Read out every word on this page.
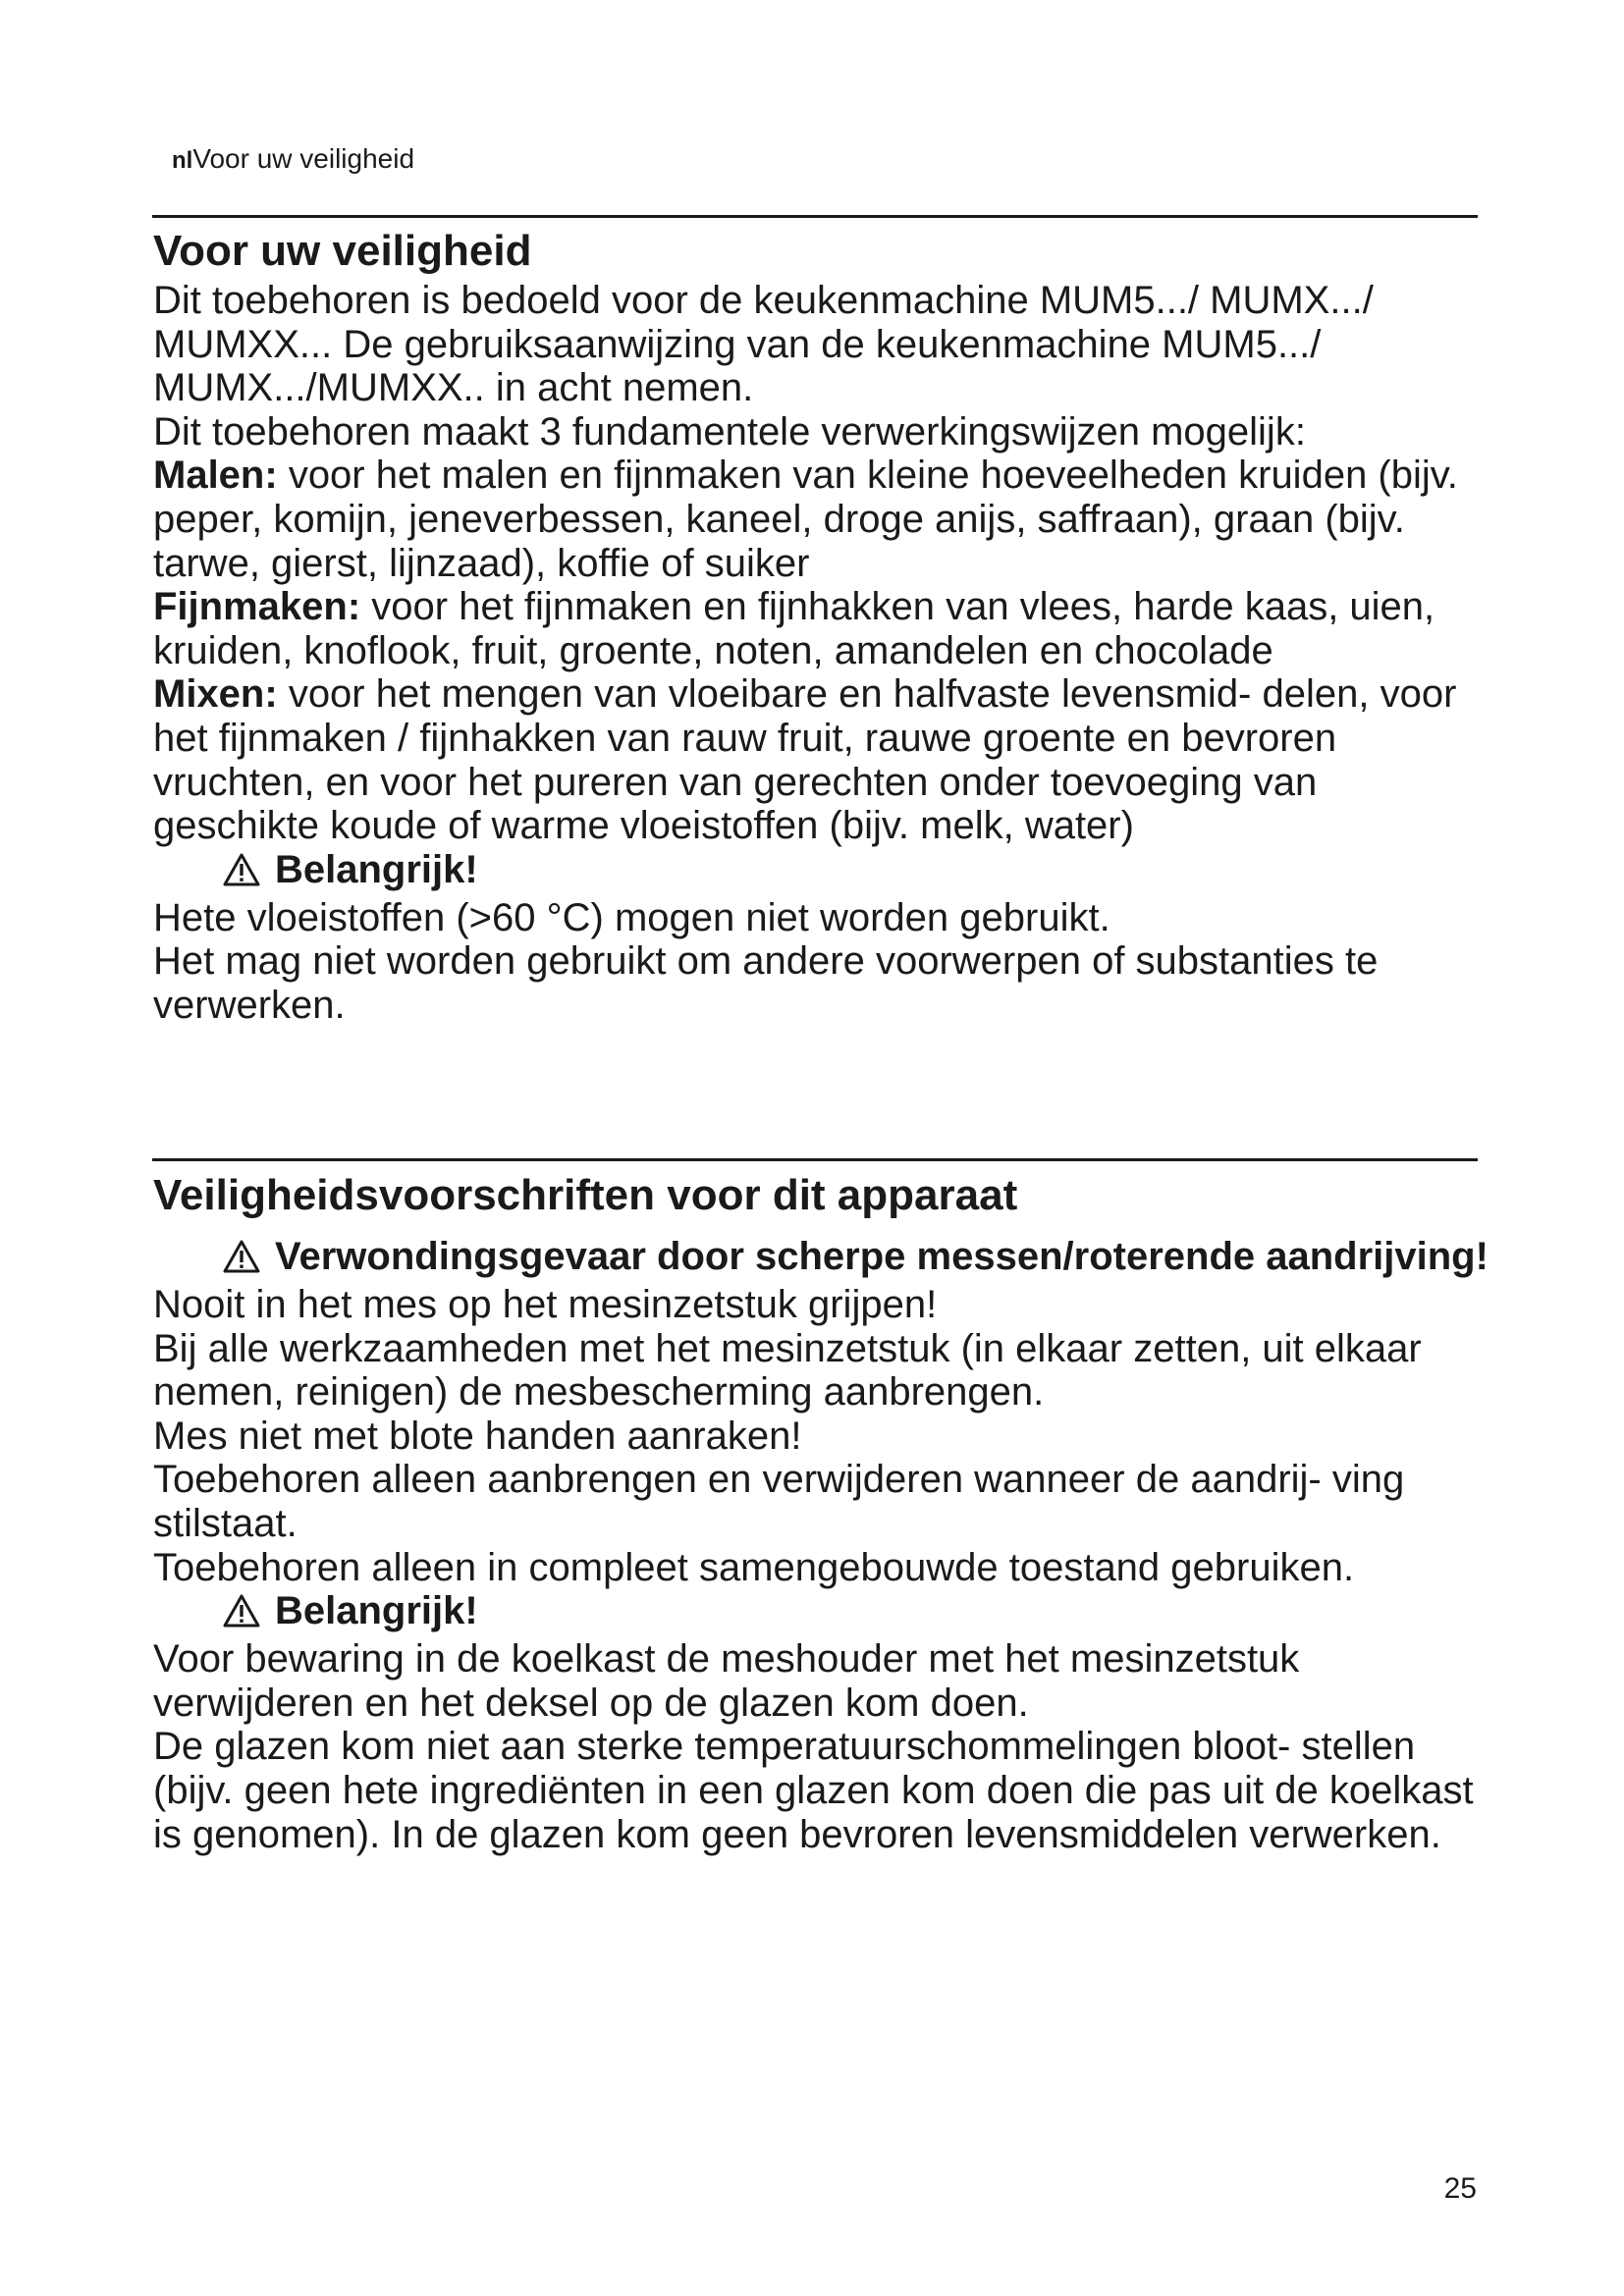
nlVoor uw veiligheid
Voor uw veiligheid

Dit toebehoren is bedoeld voor de keukenmachine MUM5.../ MUMX.../ MUMXX... De gebruiksaanwijzing van de keukenmachine MUM5.../ MUMX.../MUMXX.. in acht nemen.

Dit toebehoren maakt 3 fundamentele verwerkingswijzen mogelijk:

Malen: voor het malen en fijnmaken van kleine hoeveelheden kruiden (bijv. peper, komijn, jeneverbessen, kaneel, droge anijs, saffraan), graan (bijv. tarwe, gierst, lijnzaad), koffie of suiker

Fijnmaken: voor het fijnmaken en fijnhakken van vlees, harde kaas, uien, kruiden, knoflook, fruit, groente, noten, amandelen en chocolade

Mixen: voor het mengen van vloeibare en halfvaste levensmid- delen, voor het fijnmaken / fijnhakken van rauw fruit, rauwe groente en bevroren vruchten, en voor het pureren van gerechten onder toevoeging van geschikte koude of warme vloeistoffen (bijv. melk, water)

Belangrijk!

Hete vloeistoffen (>60 °C) mogen niet worden gebruikt.

Het mag niet worden gebruikt om andere voorwerpen of substanties te verwerken.

Veiligheidsvoorschriften voor dit apparaat
Verwondingsgevaar door scherpe messen/roterende aandrijving!

Nooit in het mes op het mesinzetstuk grijpen!

Bij alle werkzaamheden met het mesinzetstuk (in elkaar zetten, uit elkaar nemen, reinigen) de mesbescherming aanbrengen.

Mes niet met blote handen aanraken!

Toebehoren alleen aanbrengen en verwijderen wanneer de aandrij- ving stilstaat.

Toebehoren alleen in compleet samengebouwde toestand gebruiken.

Belangrijk!

Voor bewaring in de koelkast de meshouder met het mesinzetstuk verwijderen en het deksel op de glazen kom doen.

De glazen kom niet aan sterke temperatuurschommelingen bloot- stellen (bijv. geen hete ingrediënten in een glazen kom doen die pas uit de koelkast is genomen). In de glazen kom geen bevroren levensmiddelen verwerken.

25
